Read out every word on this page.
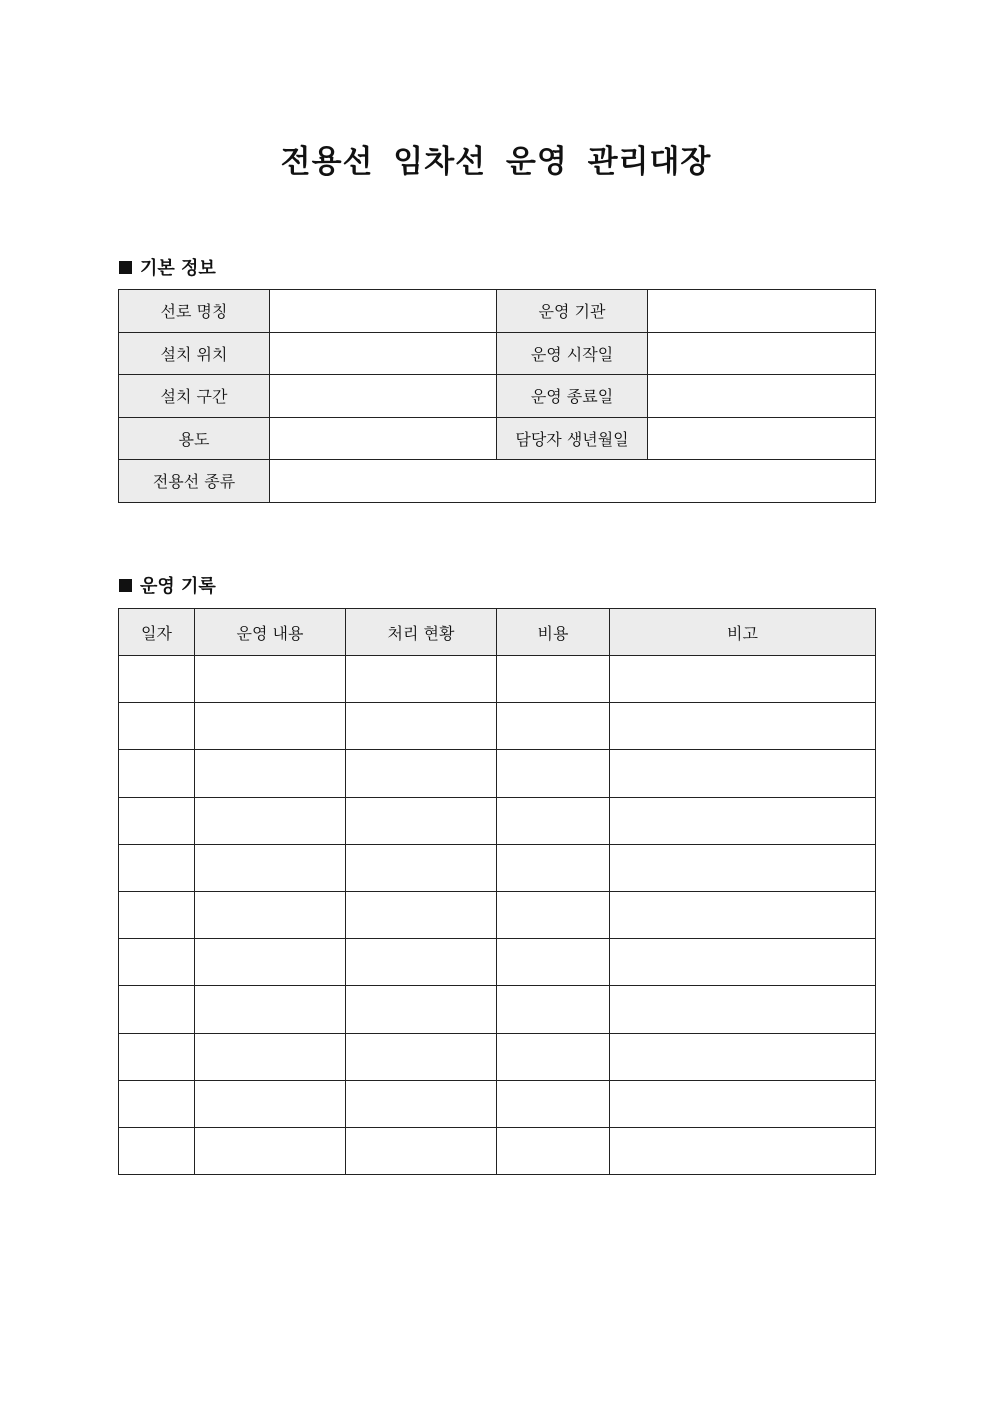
전용선 임차선 운영 관리대장
기본 정보
선로 명칭		운영 기관	
설치 위치		운영 시작일	
설치 구간		운영 종료일	
용도		담당자 생년월일	
전용선 종류			
운영 기록
일자	운영 내용	처리 현황	비용	비고
